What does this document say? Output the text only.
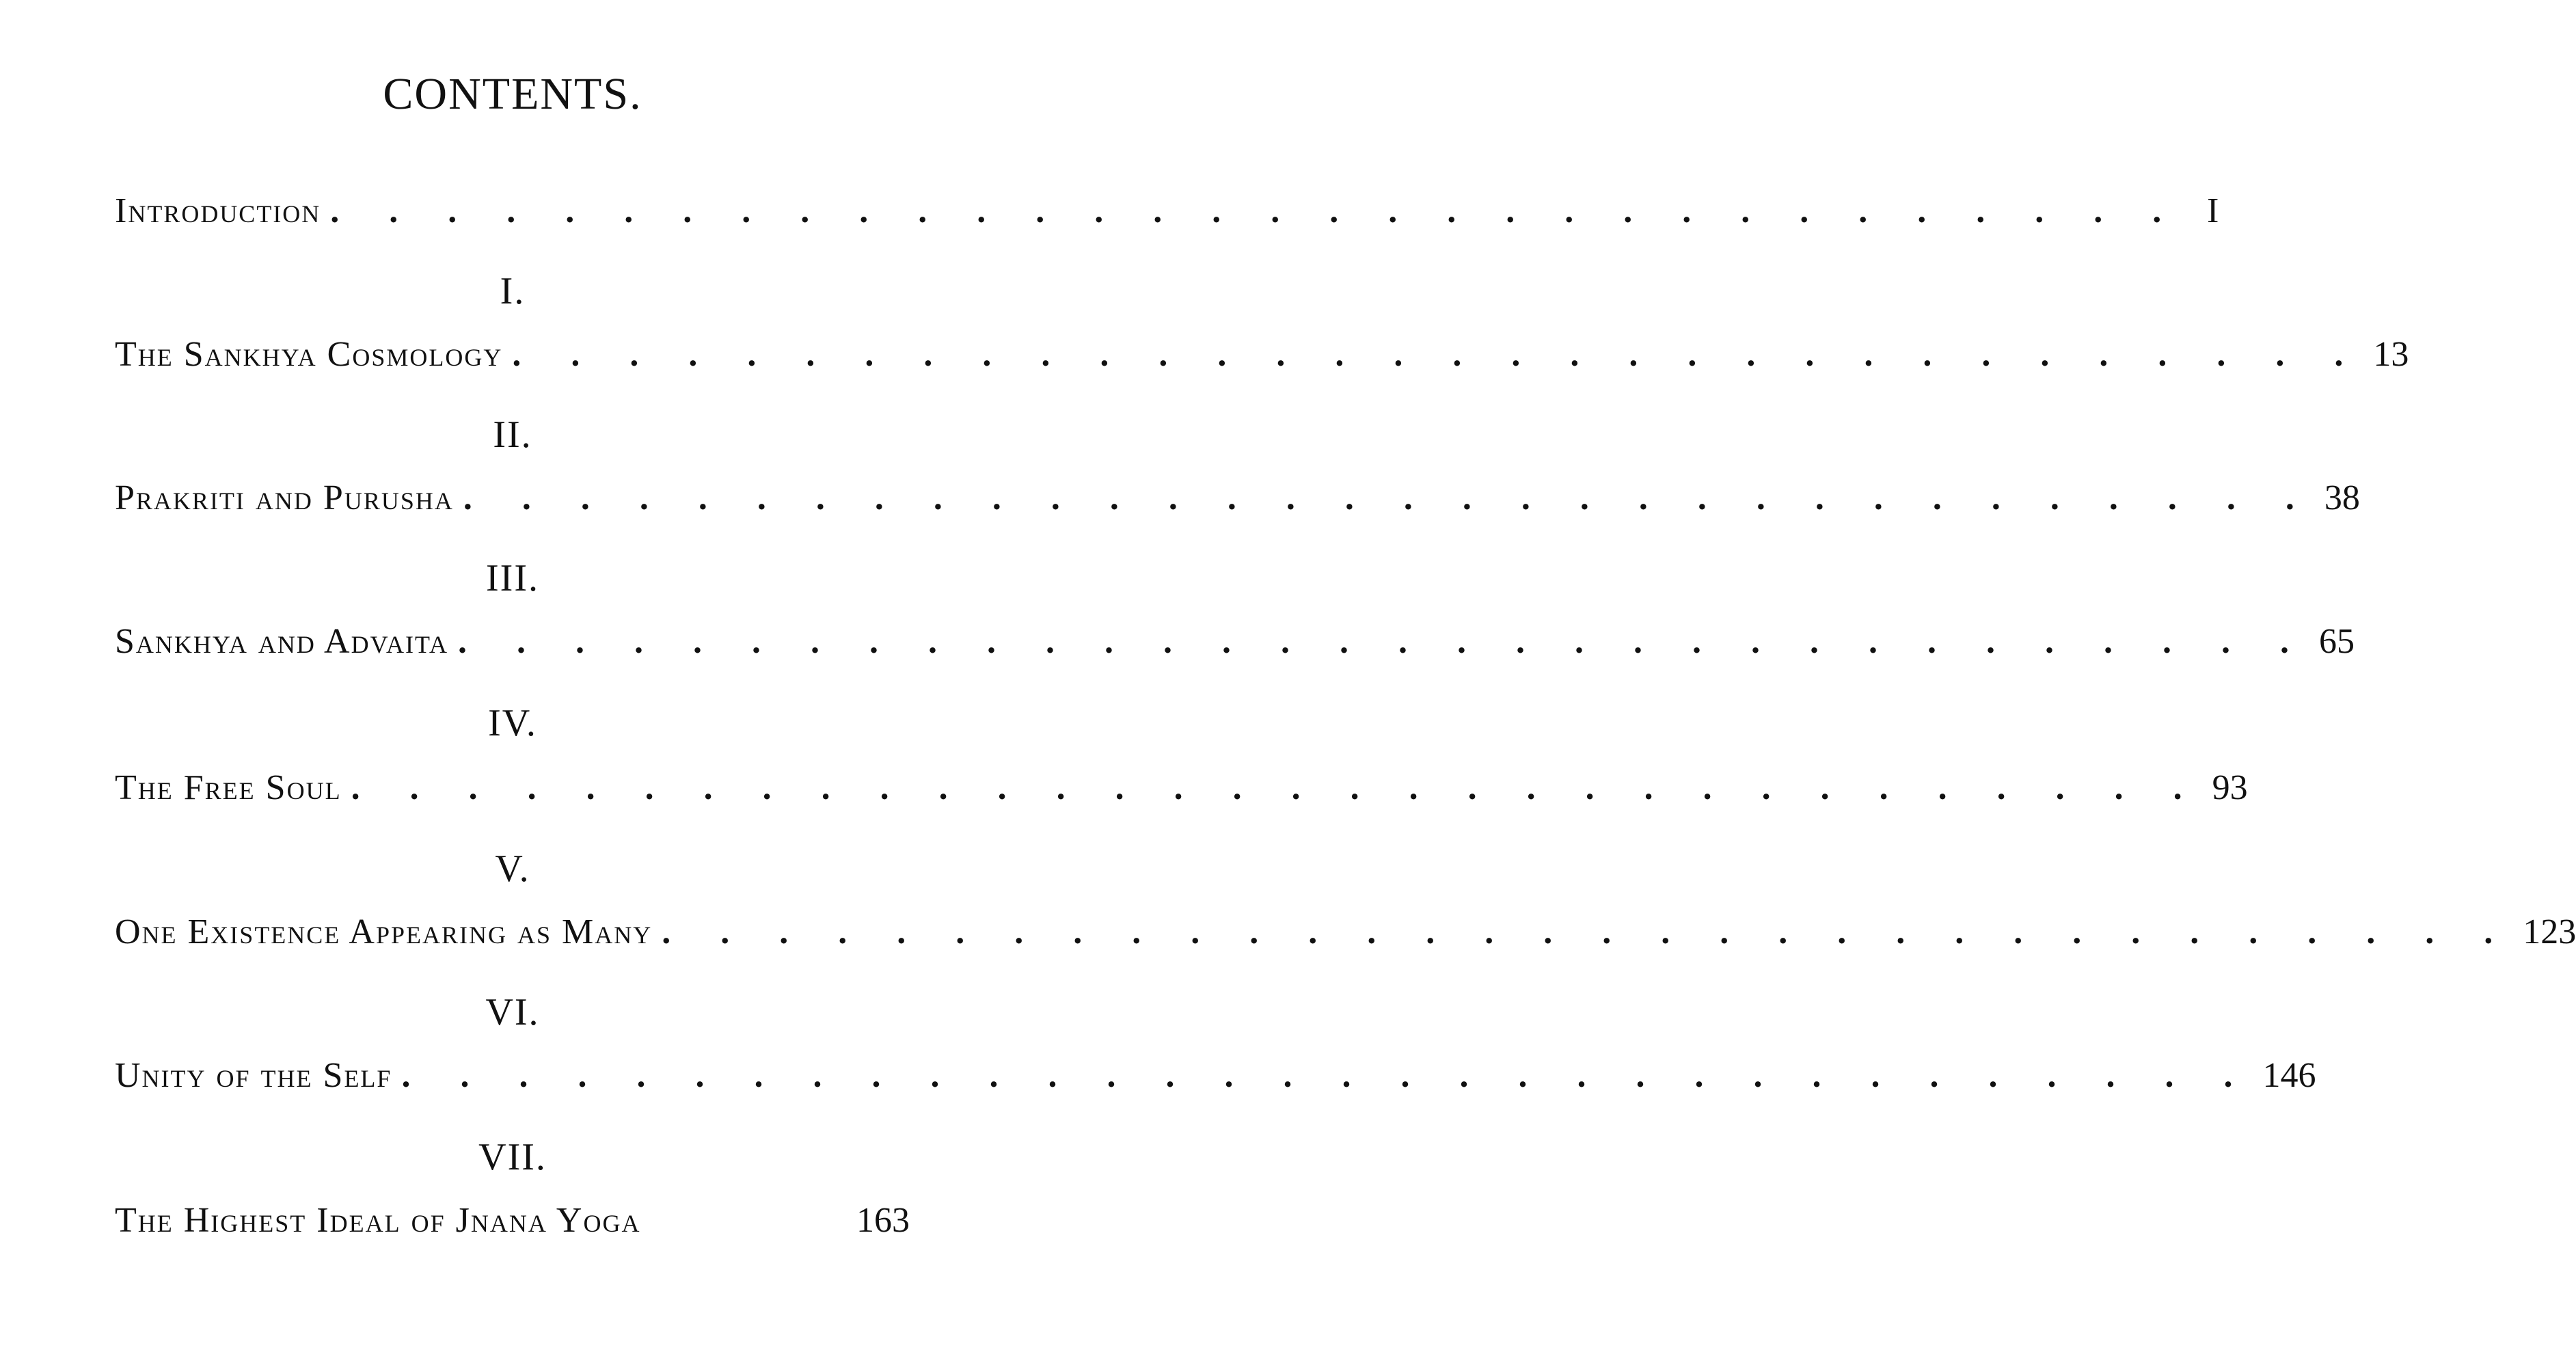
CONTENTS.
Introduction . . . . . . . . . . . . . . . . . . . . . . . . . . . . . . . . I
I.
The Sankhya Cosmology . . . . . . . . . . . . . . . . . . . . . . . . . . . . . . . . 13
II.
Prakriti and Purusha . . . . . . . . . . . . . . . . . . . . . . . . . . . . . . . . 38
III.
Sankhya and Advaita . . . . . . . . . . . . . . . . . . . . . . . . . . . . . . . . 65
IV.
The Free Soul . . . . . . . . . . . . . . . . . . . . . . . . . . . . . . . . 93
V.
One Existence Appearing as Many . . . . . . . . . . . . . . . . . . . . . . . . . . . . . . . . 123
VI.
Unity of the Self . . . . . . . . . . . . . . . . . . . . . . . . . . . . . . . . 146
VII.
The Highest Ideal of Jnana Yoga
	163
